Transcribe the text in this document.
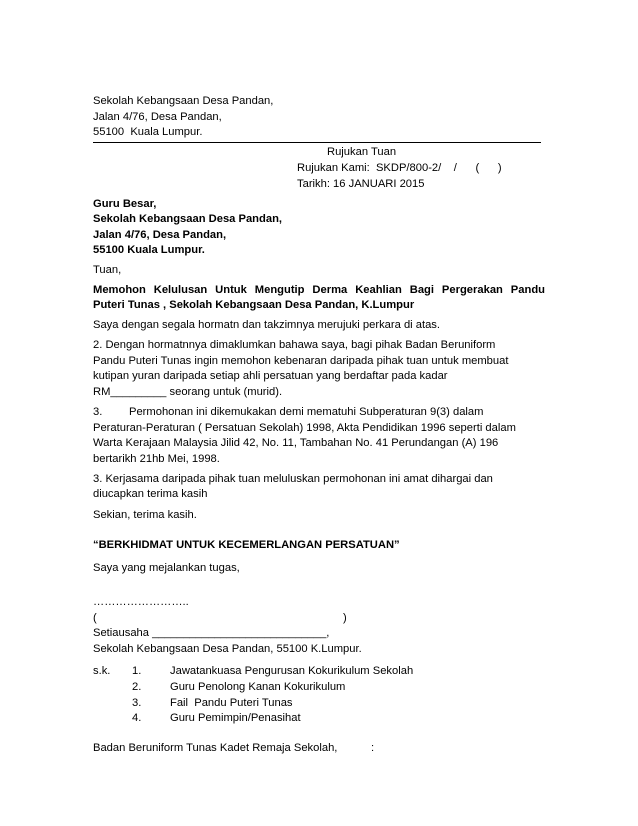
Sekolah Kebangsaan Desa Pandan,
Jalan 4/76, Desa Pandan,
55100  Kuala Lumpur.
Rujukan Tuan
Rujukan Kami:  SKDP/800-2/    /      (      )
Tarikh: 16 JANUARI 2015
Guru Besar,
Sekolah Kebangsaan Desa Pandan,
Jalan 4/76, Desa Pandan,
55100 Kuala Lumpur.
Tuan,
Memohon Kelulusan Untuk Mengutip Derma Keahlian Bagi Pergerakan Pandu
Puteri Tunas , Sekolah Kebangsaan Desa Pandan, K.Lumpur
Saya dengan segala hormatn dan takzimnya merujuki perkara di atas.
2. Dengan hormatnnya dimaklumkan bahawa saya, bagi pihak Badan Beruniform
Pandu Puteri Tunas ingin memohon kebenaran daripada pihak tuan untuk membuat
kutipan yuran daripada setiap ahli persatuan yang berdaftar pada kadar
RM_________ seorang untuk (murid).
3. Permohonan ini dikemukakan demi mematuhi Subperaturan 9(3) dalam
Peraturan-Peraturan ( Persatuan Sekolah) 1998, Akta Pendidikan 1996 seperti dalam
Warta Kerajaan Malaysia Jilid 42, No. 11, Tambahan No. 41 Perundangan (A) 196
bertarikh 21hb Mei, 1998.
3. Kerjasama daripada pihak tuan meluluskan permohonan ini amat dihargai dan
diucapkan terima kasih
Sekian, terima kasih.
“BERKHIDMAT UNTUK KECEMERLANGAN PERSATUAN”
Saya yang mejalankan tugas,
……………………..
(	)
Setiausaha ____________________________,
Sekolah Kebangsaan Desa Pandan, 55100 K.Lumpur.
s.k. 1.	Jawatankuasa Pengurusan Kokurikulum Sekolah
2.	Guru Penolong Kanan Kokurikulum
3.	Fail  Pandu Puteri Tunas
4.	Guru Pemimpin/Penasihat
Badan Beruniform Tunas Kadet Remaja Sekolah,	:
